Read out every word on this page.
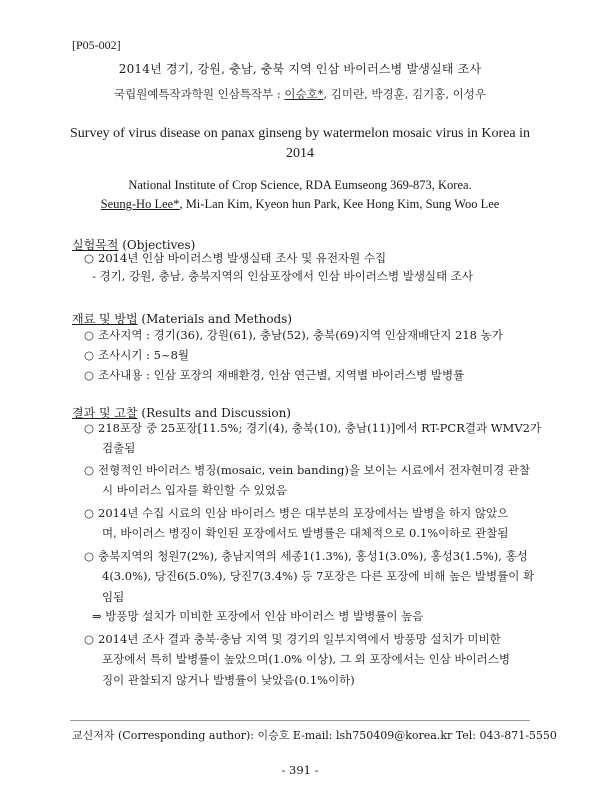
[P05-002]
2014년 경기, 강원, 충남, 충북 지역 인삼 바이러스병 발생실태 조사
국립원예특작과학원 인삼특작부 : 이승호*, 김미란, 박경훈, 김기홍, 이성우
Survey of virus disease on panax ginseng by watermelon mosaic virus in Korea in 2014
National Institute of Crop Science, RDA Eumseong 369-873, Korea.
Seung-Ho Lee*, Mi-Lan Kim, Kyeon hun Park, Kee Hong Kim, Sung Woo Lee
실험목적 (Objectives)
○ 2014년 인삼 바이러스병 발생실태 조사 및 유전자원 수집
- 경기, 강원, 충남, 충북지역의 인삼포장에서 인삼 바이러스병 발생실태 조사
재료 및 방법 (Materials and Methods)
○ 조사지역 : 경기(36), 강원(61), 충남(52), 충북(69)지역 인삼재배단지 218 농가
○ 조사시기 : 5~8월
○ 조사내용 : 인삼 포장의 재배환경, 인삼 연근별, 지역별 바이러스병 발병률
결과 및 고찰 (Results and Discussion)
○ 218포장 중 25포장[11.5%; 경기(4), 충북(10), 충남(11)]에서 RT-PCR결과 WMV2가
검출됨
○ 전형적인 바이러스 병징(mosaic, vein banding)을 보이는 시료에서 전자현미경 관찰
시 바이러스 입자를 확인할 수 있었음
○ 2014년 수집 시료의 인삼 바이러스 병은 대부분의 포장에서는 발병을 하지 않았으
며, 바이러스 병징이 확인된 포장에서도 발병률은 대체적으로 0.1%이하로 관찰됨
○ 충북지역의 청원7(2%), 충남지역의 세종1(1.3%), 홍성1(3.0%), 홍성3(1.5%), 홍성
4(3.0%), 당진6(5.0%), 당진7(3.4%) 등 7포장은 다른 포장에 비해 높은 발병률이 확
임됨
⇒ 방풍망 설치가 미비한 포장에서 인삼 바이러스 병 발병률이 높음
○ 2014년 조사 결과 충북·충남 지역 및 경기의 일부지역에서 방풍망 설치가 미비한
포장에서 특히 발병률이 높았으며(1.0% 이상), 그 외 포장에서는 인삼 바이러스병
징이 관찰되지 않거나 발병률이 낮았음(0.1%이하)
교신저자 (Corresponding author): 이승호 E-mail: lsh750409@korea.kr Tel: 043-871-5550
- 391 -
